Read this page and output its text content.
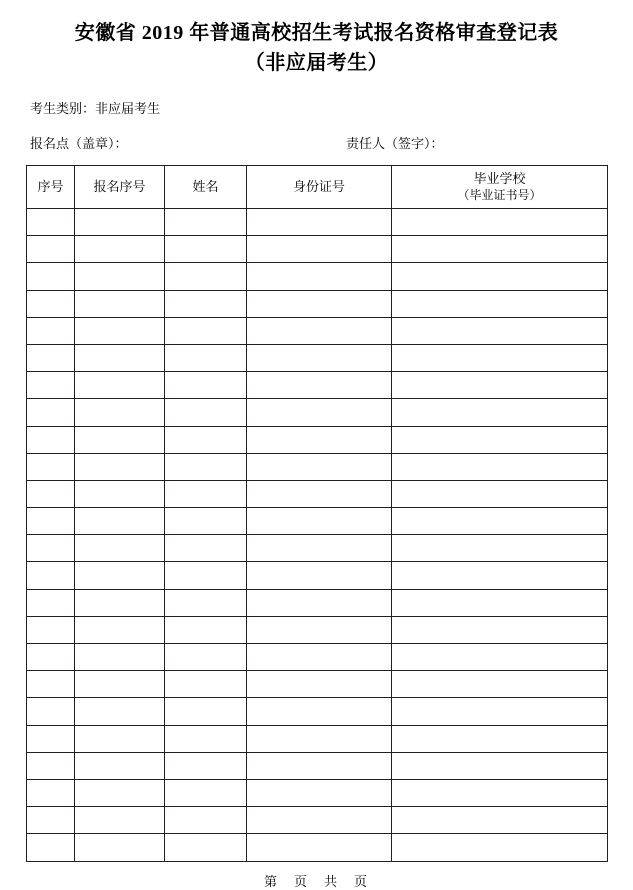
安徽省 2019 年普通高校招生考试报名资格审查登记表
（非应届考生）
考生类别：非应届考生
报名点（盖章）：	责任人（签字）：
序号	报名序号	姓名	身份证号	毕业学校
（毕业证书号）

第　页　共　页
